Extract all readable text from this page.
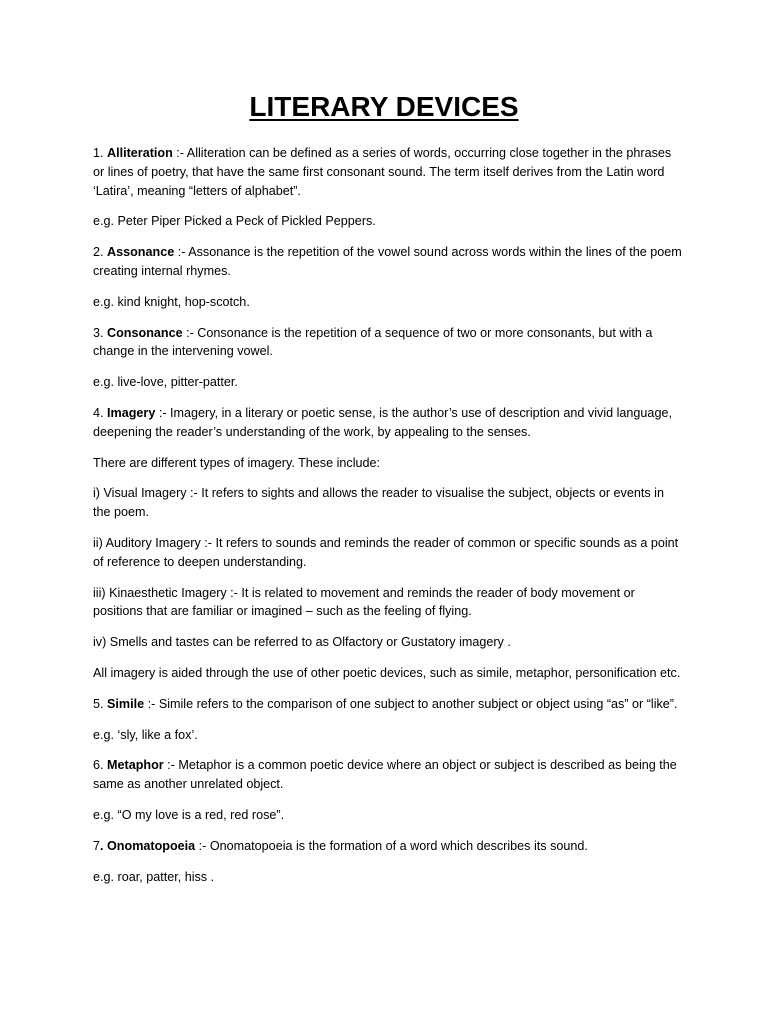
LITERARY DEVICES

1. Alliteration :- Alliteration can be defined as a series of words, occurring close together in the phrases or lines of poetry, that have the same first consonant sound. The term itself derives from the Latin word ‘Latira’, meaning “letters of alphabet”.

e.g. Peter Piper Picked a Peck of Pickled Peppers.

2. Assonance :- Assonance is the repetition of the vowel sound across words within the lines of the poem creating internal rhymes.

e.g. kind knight, hop-scotch.

3. Consonance :- Consonance is the repetition of a sequence of two or more consonants, but with a change in the intervening vowel.

e.g. live-love, pitter-patter.

4. Imagery :- Imagery, in a literary or poetic sense, is the author’s use of description and vivid language, deepening the reader’s understanding of the work, by appealing to the senses.

There are different types of imagery. These include:

i) Visual Imagery :- It refers to sights and allows the reader to visualise the subject, objects or events in the poem.

ii) Auditory Imagery :- It refers to sounds and reminds the reader of common or specific sounds as a point of reference to deepen understanding.

iii) Kinaesthetic Imagery :- It is related to movement and reminds the reader of body movement or positions that are familiar or imagined – such as the feeling of flying.

iv) Smells and tastes can be referred to as Olfactory or Gustatory imagery .

All imagery is aided through the use of other poetic devices, such as simile, metaphor, personification etc.

5. Simile :- Simile refers to the comparison of one subject to another subject or object using “as” or “like”.

e.g. ‘sly, like a fox’.

6. Metaphor :- Metaphor is a common poetic device where an object or subject is described as being the same as another unrelated object.

e.g. “O my love is a red, red rose”.

7. Onomatopoeia :- Onomatopoeia is the formation of a word which describes its sound.

e.g. roar, patter, hiss .
